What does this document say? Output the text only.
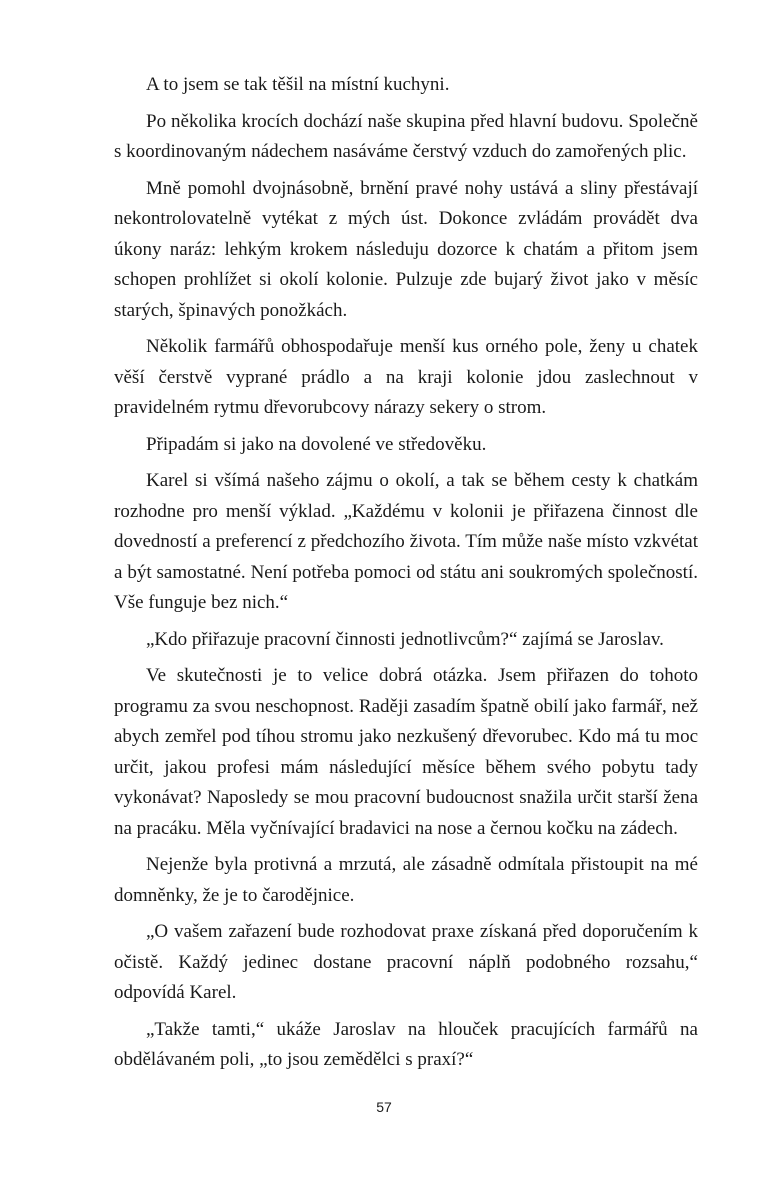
A to jsem se tak těšil na místní kuchyni.

Po několika krocích dochází naše skupina před hlavní budovu. Společně s koordinovaným nádechem nasáváme čerstvý vzduch do zamořených plic.

Mně pomohl dvojnásobně, brnění pravé nohy ustává a sliny přestávají nekontrolovatelně vytékat z mých úst. Dokonce zvládám provádět dva úkony naráz: lehkým krokem následuju dozorce k chatám a přitom jsem schopen prohlížet si okolí kolonie. Pulzuje zde bujarý život jako v měsíc starých, špinavých ponožkách.

Několik farmářů obhospodařuje menší kus orného pole, ženy u chatek věší čerstvě vyprané prádlo a na kraji kolonie jdou zaslechnout v pravidelném rytmu dřevorubcovy nárazy sekery o strom.

Připadám si jako na dovolené ve středověku.

Karel si všímá našeho zájmu o okolí, a tak se během cesty k chatkám rozhodne pro menší výklad. „Každému v kolonii je přiřazena činnost dle dovedností a preferencí z předchozího života. Tím může naše místo vzkvétat a být samostatné. Není potřeba pomoci od státu ani soukromých společností. Vše funguje bez nich.“

„Kdo přiřazuje pracovní činnosti jednotlivcům?“ zajímá se Jaroslav.

Ve skutečnosti je to velice dobrá otázka. Jsem přiřazen do tohoto programu za svou neschopnost. Raději zasadím špatně obilí jako farmář, než abych zemřel pod tíhou stromu jako nezkušený dřevorubec. Kdo má tu moc určit, jakou profesi mám následující měsíce během svého pobytu tady vykonávat? Naposledy se mou pracovní budoucnost snažila určit starší žena na pracáku. Měla vyčnívající bradavici na nose a černou kočku na zádech.

Nejenže byla protivná a mrzutá, ale zásadně odmítala přistoupit na mé domněnky, že je to čarodějnice.

„O vašem zařazení bude rozhodovat praxe získaná před doporučením k očistě. Každý jedinec dostane pracovní náplň podobného rozsahu,“ odpovídá Karel.

„Takže tamti,“ ukáže Jaroslav na hlouček pracujících farmářů na obdělávaném poli, „to jsou zemědělci s praxí?“

57
